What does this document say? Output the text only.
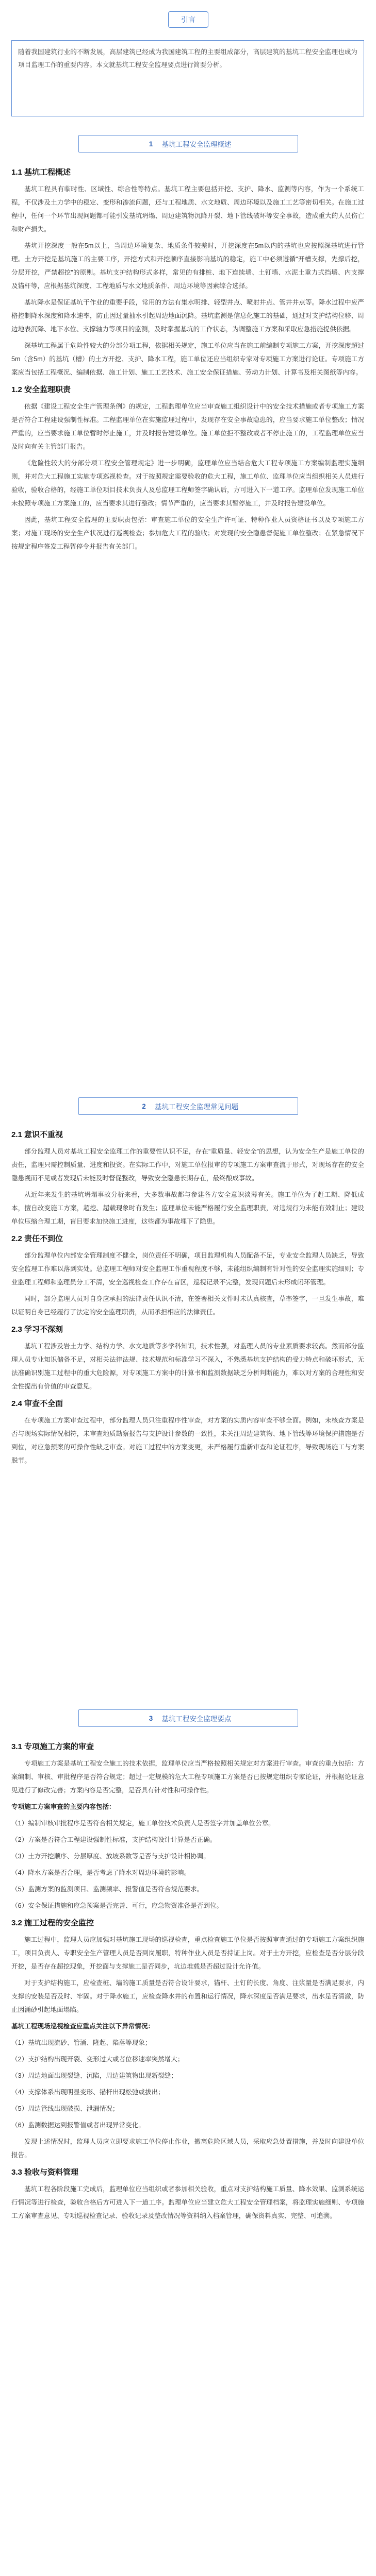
引言

随着我国建筑行业的不断发展，高层建筑已经成为我国建筑工程的主要组成部分，高层建筑的基坑工程安全监理也成为项目监理工作的重要内容。本文就基坑工程安全监理要点进行简要分析。

1	基坑工程安全监理概述
1.1 基坑工程概述

基坑工程具有临时性、区域性、综合性等特点。基坑工程主要包括开挖、支护、降水、监测等内容，作为一个系统工程，不仅涉及土力学中的稳定、变形和渗流问题，还与工程地质、水文地质、周边环境以及施工工艺等密切相关。在施工过程中，任何一个环节出现问题都可能引发基坑坍塌、周边建筑物沉降开裂、地下管线破坏等安全事故，造成重大的人员伤亡和财产损失。

基坑开挖深度一般在5m以上，当周边环境复杂、地质条件较差时，开挖深度在5m以内的基坑也应按照深基坑进行管理。土方开挖是基坑施工的主要工序，开挖方式和开挖顺序直接影响基坑的稳定，施工中必须遵循“开槽支撑，先撑后挖，分层开挖，严禁超挖”的原则。基坑支护结构形式多样，常见的有排桩、地下连续墙、土钉墙、水泥土重力式挡墙、内支撑及锚杆等，应根据基坑深度、工程地质与水文地质条件、周边环境等因素综合选择。

基坑降水是保证基坑干作业的重要手段，常用的方法有集水明排、轻型井点、喷射井点、管井井点等。降水过程中应严格控制降水深度和降水速率，防止因过量抽水引起周边地面沉降。基坑监测是信息化施工的基础，通过对支护结构位移、周边地表沉降、地下水位、支撑轴力等项目的监测，及时掌握基坑的工作状态，为调整施工方案和采取应急措施提供依据。

深基坑工程属于危险性较大的分部分项工程，依据相关规定，施工单位应当在施工前编制专项施工方案，开挖深度超过5m（含5m）的基坑（槽）的土方开挖、支护、降水工程，施工单位还应当组织专家对专项施工方案进行论证。专项施工方案应当包括工程概况、编制依据、施工计划、施工工艺技术、施工安全保证措施、劳动力计划、计算书及相关图纸等内容。

1.2 安全监理职责

依据《建设工程安全生产管理条例》的规定，工程监理单位应当审查施工组织设计中的安全技术措施或者专项施工方案是否符合工程建设强制性标准。工程监理单位在实施监理过程中，发现存在安全事故隐患的，应当要求施工单位整改；情况严重的，应当要求施工单位暂时停止施工，并及时报告建设单位。施工单位拒不整改或者不停止施工的，工程监理单位应当及时向有关主管部门报告。

《危险性较大的分部分项工程安全管理规定》进一步明确，监理单位应当结合危大工程专项施工方案编制监理实施细则，并对危大工程施工实施专项巡视检查。对于按照规定需要验收的危大工程，施工单位、监理单位应当组织相关人员进行验收，验收合格的，经施工单位项目技术负责人及总监理工程师签字确认后，方可进入下一道工序。监理单位发现施工单位未按照专项施工方案施工的，应当要求其进行整改；情节严重的，应当要求其暂停施工，并及时报告建设单位。

因此，基坑工程安全监理的主要职责包括：审查施工单位的安全生产许可证、特种作业人员资格证书以及专项施工方案；对施工现场的安全生产状况进行巡视检查；参加危大工程的验收；对发现的安全隐患督促施工单位整改；在紧急情况下按规定程序签发工程暂停令并报告有关部门。

2	基坑工程安全监理常见问题
2.1 意识不重视

部分监理人员对基坑工程安全监理工作的重要性认识不足，存在“重质量、轻安全”的思想，认为安全生产是施工单位的责任，监理只需控制质量、进度和投资。在实际工作中，对施工单位报审的专项施工方案审查流于形式，对现场存在的安全隐患视而不见或者发现后未能及时督促整改，导致安全隐患长期存在，最终酿成事故。

从近年来发生的基坑坍塌事故分析来看，大多数事故都与参建各方安全意识淡薄有关。施工单位为了赶工期、降低成本，擅自改变施工方案，超挖、超载现象时有发生；监理单位未能严格履行安全监理职责，对违规行为未能有效制止；建设单位压缩合理工期，盲目要求加快施工进度，这些都为事故埋下了隐患。

2.2 责任不到位

部分监理单位内部安全管理制度不健全，岗位责任不明确，项目监理机构人员配备不足，专业安全监理人员缺乏，导致安全监理工作难以落到实处。总监理工程师对安全监理工作重视程度不够，未能组织编制有针对性的安全监理实施细则；专业监理工程师和监理员分工不清，安全巡视检查工作存在盲区，巡视记录不完整，发现问题后未形成闭环管理。

同时，部分监理人员对自身应承担的法律责任认识不清，在签署相关文件时未认真核查，草率签字，一旦发生事故，难以证明自身已经履行了法定的安全监理职责，从而承担相应的法律责任。

2.3 学习不深刻

基坑工程涉及岩土力学、结构力学、水文地质等多学科知识，技术性强，对监理人员的专业素质要求较高。然而部分监理人员专业知识储备不足，对相关法律法规、技术规范和标准学习不深入，不熟悉基坑支护结构的受力特点和破坏形式，无法准确识别施工过程中的重大危险源，对专项施工方案中的计算书和监测数据缺乏分析判断能力，难以对方案的合理性和安全性提出有价值的审查意见。

2.4 审查不全面

在专项施工方案审查过程中，部分监理人员只注重程序性审查，对方案的实质内容审查不够全面。例如，未核查方案是否与现场实际情况相符，未审查地质勘察报告与支护设计参数的一致性，未关注周边建筑物、地下管线等环境保护措施是否到位，对应急预案的可操作性缺乏审查。对施工过程中的方案变更，未严格履行重新审查和论证程序，导致现场施工与方案脱节。

3	基坑工程安全监理要点
3.1 专项施工方案的审查

专项施工方案是基坑工程安全施工的技术依据，监理单位应当严格按照相关规定对方案进行审查。审查的重点包括：方案编制、审核、审批程序是否符合规定；超过一定规模的危大工程专项施工方案是否已按规定组织专家论证，并根据论证意见进行了修改完善；方案内容是否完整，是否具有针对性和可操作性。

专项施工方案审查的主要内容包括：

（1）编制审核审批程序是否符合相关规定，施工单位技术负责人是否签字并加盖单位公章。

（2）方案是否符合工程建设强制性标准，支护结构设计计算是否正确。

（3）土方开挖顺序、分层厚度、放坡系数等是否与支护设计相协调。

（4）降水方案是否合理，是否考虑了降水对周边环境的影响。

（5）监测方案的监测项目、监测频率、报警值是否符合规范要求。

（6）安全保证措施和应急预案是否完善、可行，应急物资准备是否到位。

3.2 施工过程的安全监控

施工过程中，监理人员应加强对基坑施工现场的巡视检查，重点检查施工单位是否按照审查通过的专项施工方案组织施工，项目负责人、专职安全生产管理人员是否到岗履职，特种作业人员是否持证上岗。对于土方开挖，应检查是否分层分段开挖，是否存在超挖现象，开挖面与支撑施工是否同步，坑边堆载是否超过设计允许值。

对于支护结构施工，应检查桩、墙的施工质量是否符合设计要求，锚杆、土钉的长度、角度、注浆量是否满足要求，内支撑的安装是否及时、牢固。对于降水施工，应检查降水井的布置和运行情况，降水深度是否满足要求，出水是否清澈，防止因涌砂引起地面塌陷。

基坑工程现场巡视检查应重点关注以下异常情况：

（1）基坑出现流砂、管涌、隆起、陷落等现象；

（2）支护结构出现开裂、变形过大或者位移速率突然增大；

（3）周边地面出现裂缝、沉陷，周边建筑物出现新裂缝；

（4）支撑体系出现明显变形、锚杆出现松弛或拔出；

（5）周边管线出现破损、泄漏情况；

（6）监测数据达到报警值或者出现异常变化。

发现上述情况时，监理人员应立即要求施工单位停止作业，撤离危险区域人员，采取应急处置措施，并及时向建设单位报告。

3.3 验收与资料管理

基坑工程各阶段施工完成后，监理单位应当组织或者参加相关验收，重点对支护结构施工质量、降水效果、监测系统运行情况等进行检查，验收合格后方可进入下一道工序。监理单位应当建立危大工程安全管理档案，将监理实施细则、专项施工方案审查意见、专项巡视检查记录、验收记录及整改情况等资料纳入档案管理，确保资料真实、完整、可追溯。
